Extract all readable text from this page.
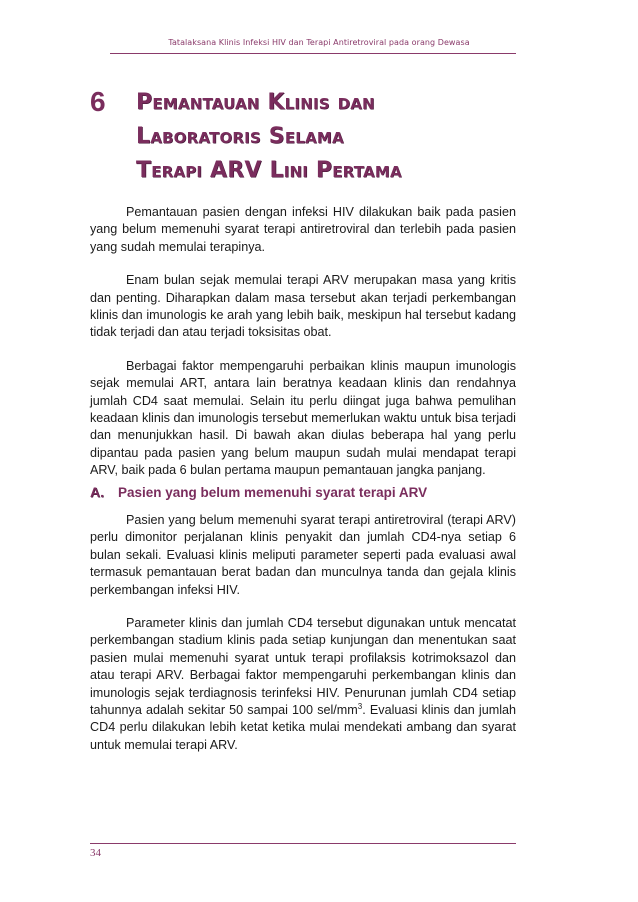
Tatalaksana Klinis Infeksi HIV dan Terapi Antiretroviral pada orang Dewasa
6 Pemantauan Klinis dan
Laboratoris Selama
Terapi ARV Lini Pertama

Pemantauan pasien dengan infeksi HIV dilakukan baik pada pasien yang belum memenuhi syarat terapi antiretroviral dan terlebih pada pasien yang sudah memulai terapinya.

Enam bulan sejak memulai terapi ARV merupakan masa yang kritis dan penting. Diharapkan dalam masa tersebut akan terjadi perkembangan klinis dan imunologis ke arah yang lebih baik, meskipun hal tersebut kadang tidak terjadi dan atau terjadi toksisitas obat.

Berbagai faktor mempengaruhi perbaikan klinis maupun imunologis sejak memulai ART, antara lain beratnya keadaan klinis dan rendahnya jumlah CD4 saat memulai. Selain itu perlu diingat juga bahwa pemulihan keadaan klinis dan imunologis tersebut memerlukan waktu untuk bisa terjadi dan menunjukkan hasil. Di bawah akan diulas beberapa hal yang perlu dipantau pada pasien yang belum maupun sudah mulai mendapat terapi ARV, baik pada 6 bulan pertama maupun pemantauan jangka panjang.

A. Pasien yang belum memenuhi syarat terapi ARV

Pasien yang belum memenuhi syarat terapi antiretroviral (terapi ARV) perlu dimonitor perjalanan klinis penyakit dan jumlah CD4-nya setiap 6 bulan sekali. Evaluasi klinis meliputi parameter seperti pada evaluasi awal termasuk pemantauan berat badan dan munculnya tanda dan gejala klinis perkembangan infeksi HIV.

Parameter klinis dan jumlah CD4 tersebut digunakan untuk mencatat perkembangan stadium klinis pada setiap kunjungan dan menentukan saat pasien mulai memenuhi syarat untuk terapi profilaksis kotrimoksazol dan atau terapi ARV. Berbagai faktor mempengaruhi perkembangan klinis dan imunologis sejak terdiagnosis terinfeksi HIV. Penurunan jumlah CD4 setiap tahunnya adalah sekitar 50 sampai 100 sel/$mm^3$. Evaluasi klinis dan jumlah CD4 perlu dilakukan lebih ketat ketika mulai mendekati ambang dan syarat untuk memulai terapi ARV.

34
